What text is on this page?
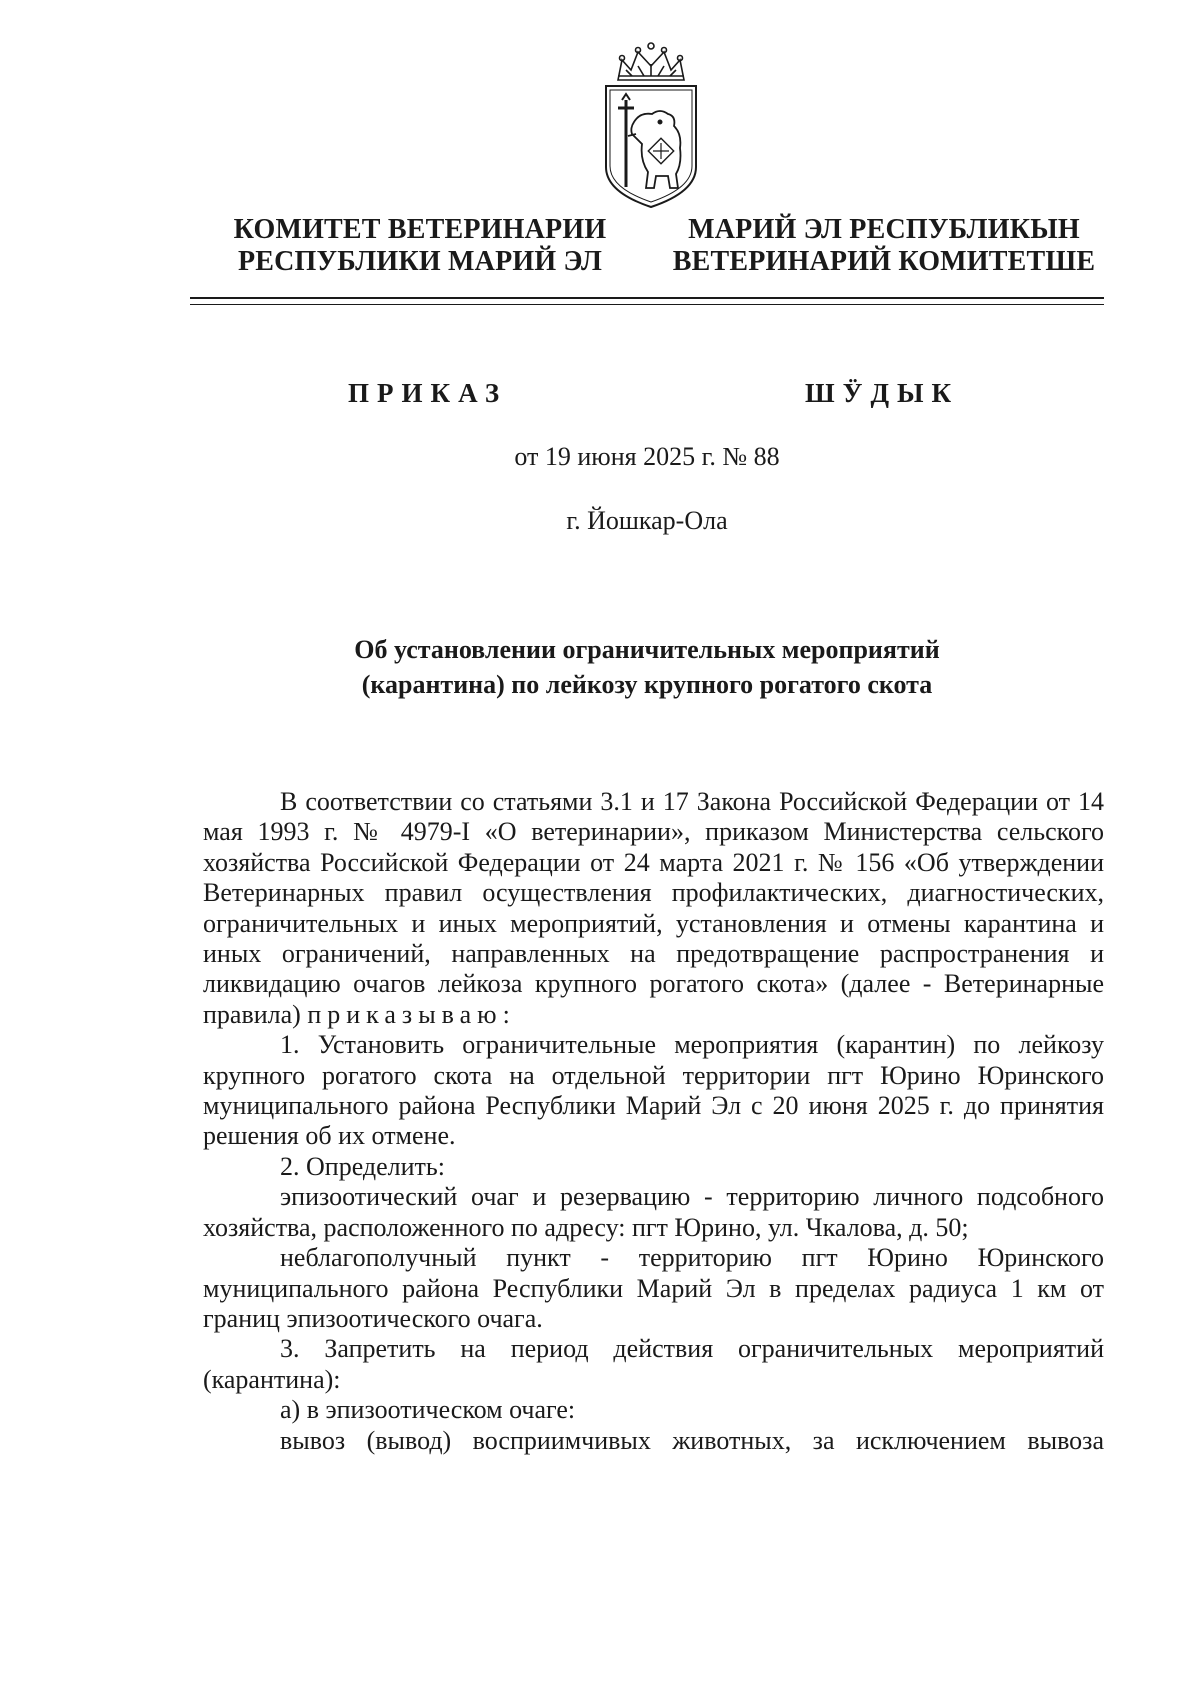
КОМИТЕТ ВЕТЕРИНАРИИ
РЕСПУБЛИКИ МАРИЙ ЭЛ
МАРИЙ ЭЛ РЕСПУБЛИКЫН
ВЕТЕРИНАРИЙ КОМИТЕТШЕ
ПРИКАЗ	ШӰДЫК
от 19 июня 2025 г. № 88
г. Йошкар-Ола
Об установлении ограничительных мероприятий
(карантина) по лейкозу крупного рогатого скота
В соответствии со статьями 3.1 и 17 Закона Российской Федерации от 14 мая 1993 г. № 4979-I «О ветеринарии», приказом Министерства сельского хозяйства Российской Федерации от 24 марта 2021 г. № 156 «Об утверждении Ветеринарных правил осуществления профилактических, диагностических, ограничительных и иных мероприятий, установления и отмены карантина и иных ограничений, направленных на предотвращение распространения и ликвидацию очагов лейкоза крупного рогатого скота» (далее - Ветеринарные правила) приказываю:
1. Установить ограничительные мероприятия (карантин) по лейкозу крупного рогатого скота на отдельной территории пгт Юрино Юринского муниципального района Республики Марий Эл с 20 июня 2025 г. до принятия решения об их отмене.
2. Определить:
эпизоотический очаг и резервацию - территорию личного подсобного хозяйства, расположенного по адресу: пгт Юрино, ул. Чкалова, д. 50;
неблагополучный пункт - территорию пгт Юрино Юринского муниципального района Республики Марий Эл в пределах радиуса 1 км от границ эпизоотического очага.
3. Запретить на период действия ограничительных мероприятий (карантина):
а) в эпизоотическом очаге:
вывоз (вывод) восприимчивых животных, за исключением вывоза
